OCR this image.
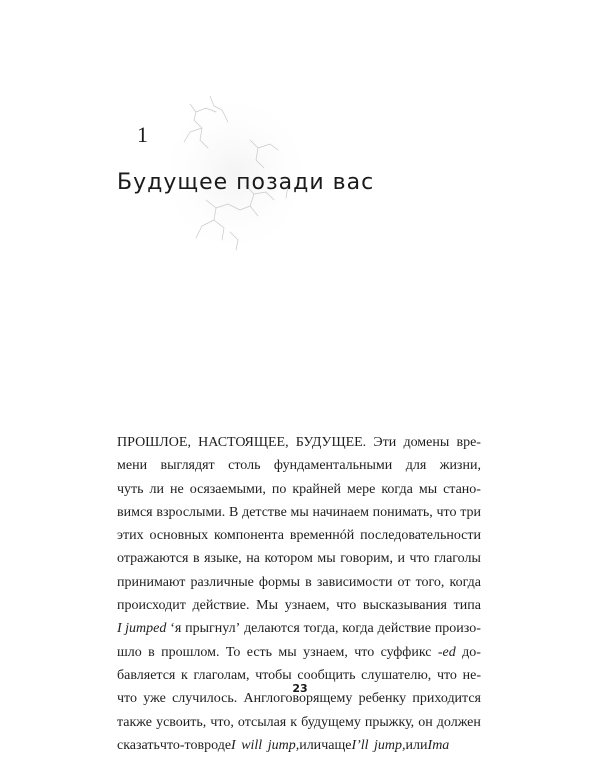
1
Будущее позади вас
ПРОШЛОЕ, НАСТОЯЩЕЕ, БУДУЩЕЕ. Эти домены вре-
мени выглядят столь фундаментальными для жизни,
чуть ли не осязаемыми, по крайней мере когда мы стано-
вимся взрослыми. В детстве мы начинаем понимать, что три
этих основных компонента временнóй последовательности
отражаются в языке, на котором мы говорим, и что глаголы
принимают различные формы в зависимости от того, когда
происходит действие. Мы узнаем, что высказывания типа
I jumped ‘я прыгнул’ делаются тогда, когда действие произо-
шло в прошлом. То есть мы узнаем, что суффикс -ed до-
бавляется к глаголам, чтобы сообщить слушателю, что не-
что уже случилось. Англоговорящему ребенку приходится
также усвоить, что, отсылая к будущему прыжку, он должен
сказать что-то вроде I will jump, или чаще I’ll jump, или Ima
23
